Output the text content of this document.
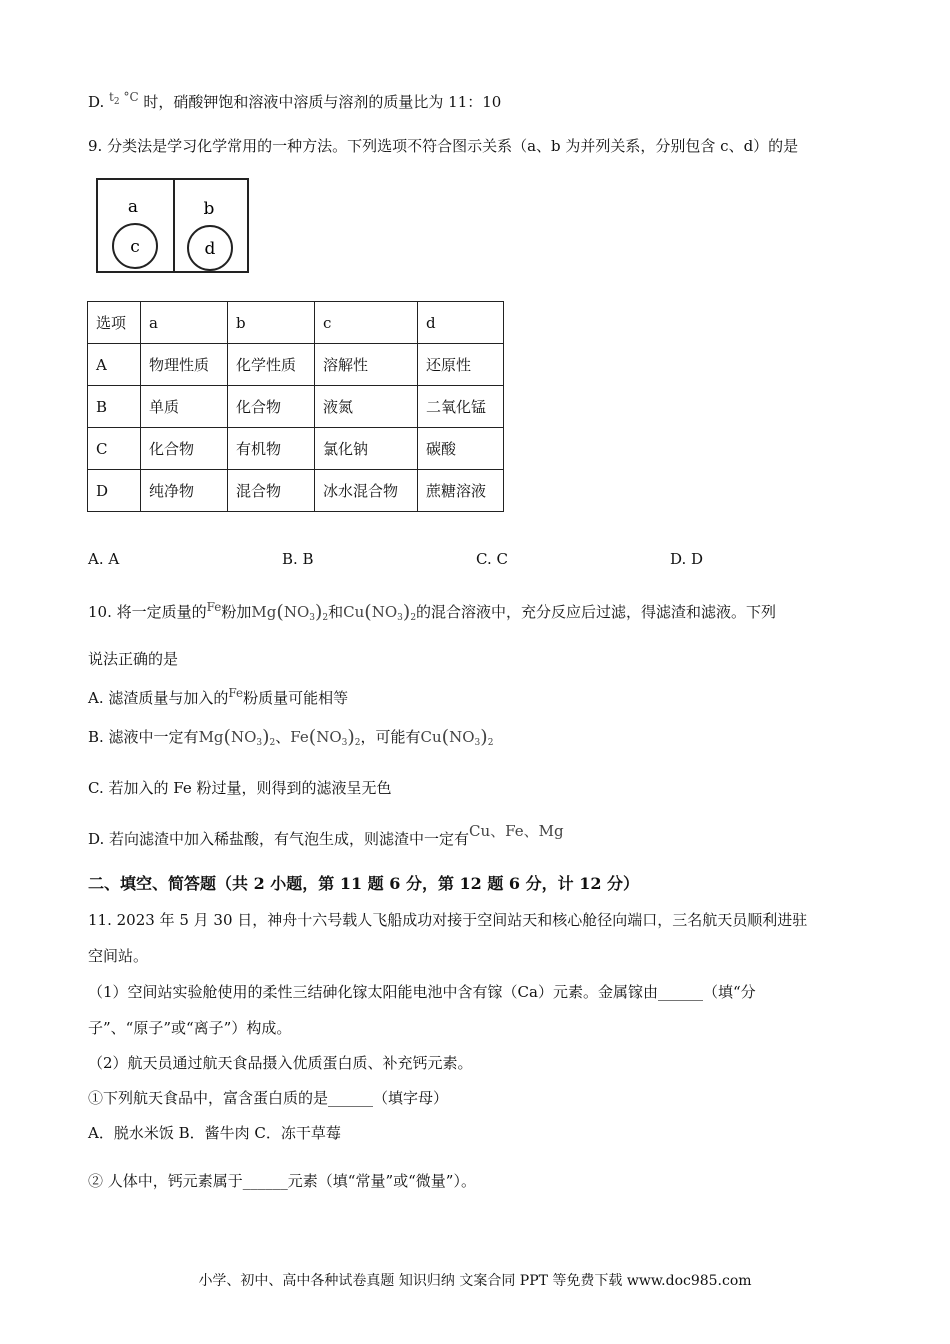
D. $^{t_2 ^\circ C}$ 时，硝酸钾饱和溶液中溶质与溶剂的质量比为 11：10
9. 分类法是学习化学常用的一种方法。下列选项不符合图示关系（a、b 为并列关系，分别包含 c、d）的是
a
c
b
d
选项	a	b	c	d
A	物理性质	化学性质	溶解性	还原性
B	单质	化合物	液氮	二氧化锰
C	化合物	有机物	氯化钠	碳酸
D	纯净物	混合物	冰水混合物	蔗糖溶液
A. A	B. B	C. C	D. D
10. 将一定质量的$^{Fe}$粉加$Mg(NO_3)_2$和$Cu(NO_3)_2$的混合溶液中，充分反应后过滤，得滤渣和滤液。下列
说法正确的是
A. 滤渣质量与加入的$^{Fe}$粉质量可能相等
B. 滤液中一定有$Mg(NO_3)_2$、$Fe(NO_3)_2$，可能有$Cu(NO_3)_2$
C. 若加入的 Fe 粉过量，则得到的滤液呈无色
D. 若向滤渣中加入稀盐酸，有气泡生成，则滤渣中一定有Cu、Fe、Mg
二、填空、简答题（共 2 小题，第 11 题 6 分，第 12 题 6 分，计 12 分）
11. 2023 年 5 月 30 日，神舟十六号载人飞船成功对接于空间站天和核心舱径向端口，三名航天员顺利进驻
空间站。
（1）空间站实验舱使用的柔性三结砷化镓太阳能电池中含有镓（Ca）元素。金属镓由______（填“分
子”、“原子”或“离子”）构成。
（2）航天员通过航天食品摄入优质蛋白质、补充钙元素。
①下列航天食品中，富含蛋白质的是______（填字母）
A．脱水米饭 B．酱牛肉 C．冻干草莓
② 人体中，钙元素属于______元素（填“常量”或“微量”）。
小学、初中、高中各种试卷真题 知识归纳 文案合同 PPT 等免费下载 www.doc985.com
